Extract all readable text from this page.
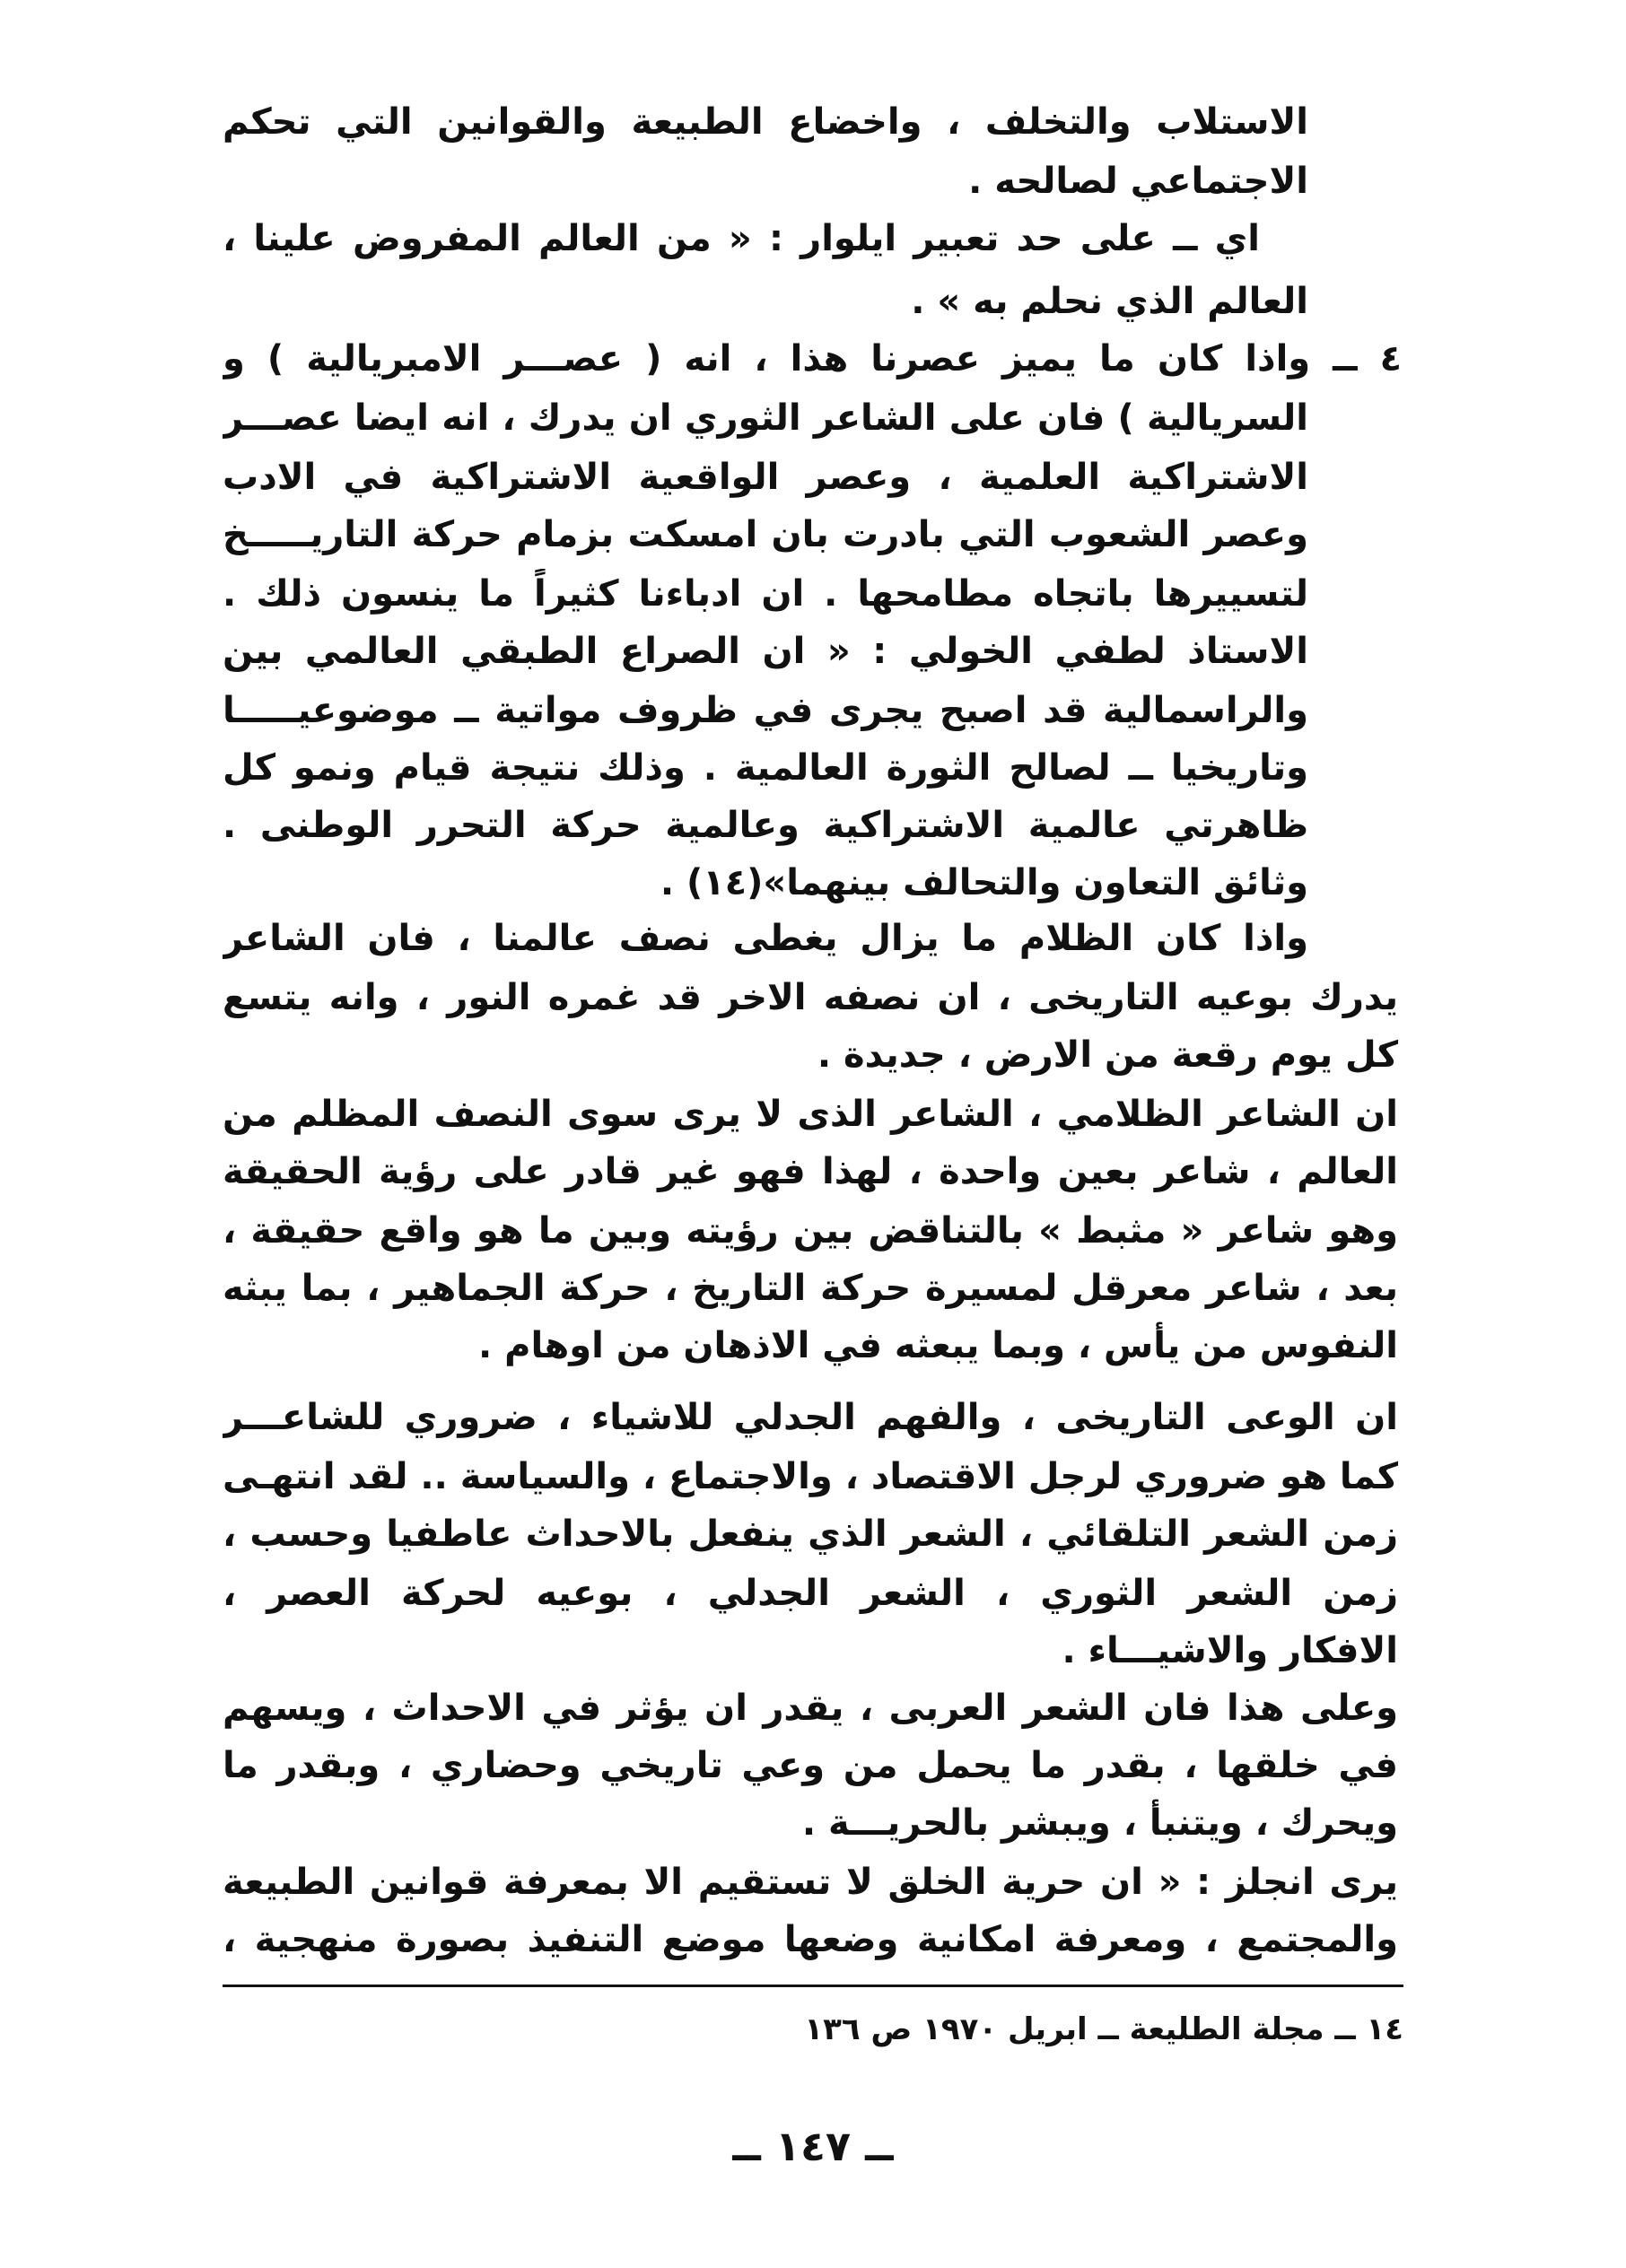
الاستلاب والتخلف ، واخضاع الطبيعة والقوانين التي تحكم
الاجتماعي لصالحه .
اي ــ على حد تعبير ايلوار : « من العالم المفروض علينا ،
العالم الذي نحلم به » .
٤ ــ واذا كان ما يميز عصرنا هذا ، انه ( عصـــر الامبريالية ) و
السريالية ) فان على الشاعر الثوري ان يدرك ، انه ايضا عصـــر
الاشتراكية العلمية ، وعصر الواقعية الاشتراكية في الادب
وعصر الشعوب التي بادرت بان امسكت بزمام حركة التاريـــــخ
لتسييرها باتجاه مطامحها . ان ادباءنا كثيراً ما ينسون ذلك .
الاستاذ لطفي الخولي : « ان الصراع الطبقي العالمي بين
والراسمالية قد اصبح يجرى في ظروف مواتية ــ موضوعيـــــا
وتاريخيا ــ لصالح الثورة العالمية . وذلك نتيجة قيام ونمو كل
ظاهرتي عالمية الاشتراكية وعالمية حركة التحرر الوطنى .
وثائق التعاون والتحالف بينهما»(١٤) .
واذا كان الظلام ما يزال يغطى نصف عالمنا ، فان الشاعر
يدرك بوعيه التاريخى ، ان نصفه الاخر قد غمره النور ، وانه يتسع
كل يوم رقعة من الارض ، جديدة .
ان الشاعر الظلامي ، الشاعر الذى لا يرى سوى النصف المظلم من
العالم ، شاعر بعين واحدة ، لهذا فهو غير قادر على رؤية الحقيقة
وهو شاعر « مثبط » بالتناقض بين رؤيته وبين ما هو واقع حقيقة ،
بعد ، شاعر معرقل لمسيرة حركة التاريخ ، حركة الجماهير ، بما يبثه
النفوس من يأس ، وبما يبعثه في الاذهان من اوهام .
ان الوعى التاريخى ، والفهم الجدلي للاشياء ، ضروري للشاعـــر
كما هو ضروري لرجل الاقتصاد ، والاجتماع ، والسياسة .. لقد انتهـى
زمن الشعر التلقائي ، الشعر الذي ينفعل بالاحداث عاطفيا وحسب ،
زمن الشعر الثوري ، الشعر الجدلي ، بوعيه لحركة العصر ،
الافكار والاشيـــاء .
وعلى هذا فان الشعر العربى ، يقدر ان يؤثر في الاحداث ، ويسهم
في خلقها ، بقدر ما يحمل من وعي تاريخي وحضاري ، وبقدر ما
ويحرك ، ويتنبأ ، ويبشر بالحريـــة .
يرى انجلز : « ان حرية الخلق لا تستقيم الا بمعرفة قوانين الطبيعة
والمجتمع ، ومعرفة امكانية وضعها موضع التنفيذ بصورة منهجية ،
١٤ ــ مجلة الطليعة ــ ابريل ١٩٧٠ ص ١٣٦
ــ ١٤٧ ــ
